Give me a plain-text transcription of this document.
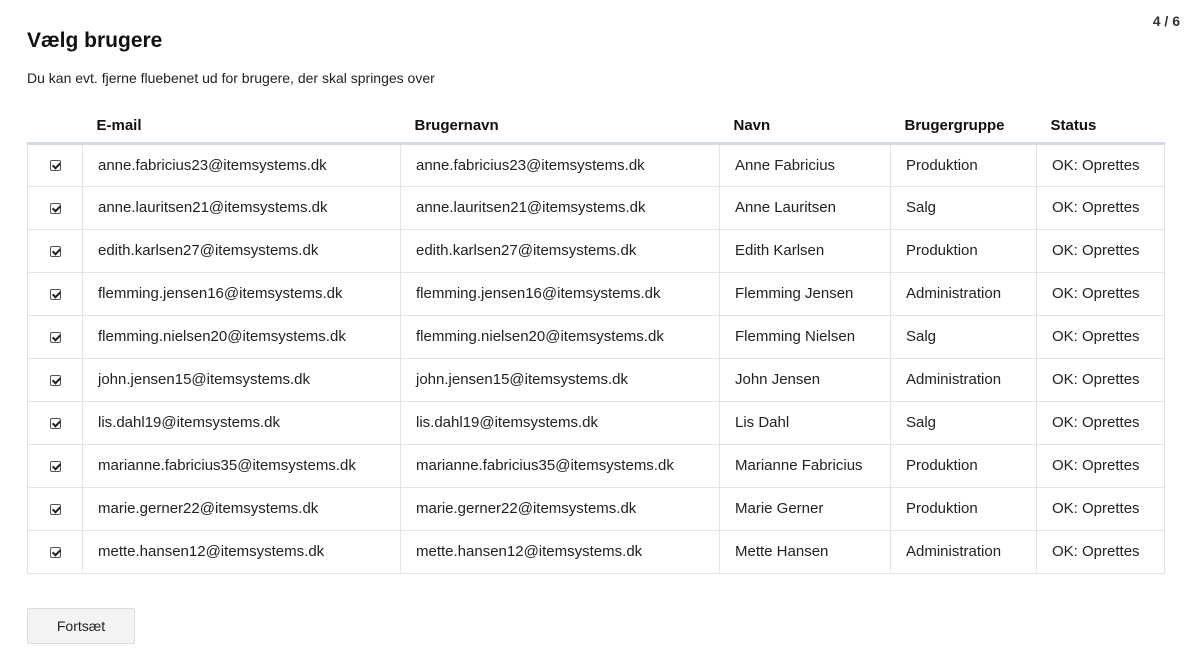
4 / 6
Vælg brugere

Du kan evt. fjerne fluebenet ud for brugere, der skal springes over

	E-mail	Brugernavn	Navn	Brugergruppe	Status
	anne.fabricius23@itemsystems.dk	anne.fabricius23@itemsystems.dk	Anne Fabricius	Produktion	OK: Oprettes
	anne.lauritsen21@itemsystems.dk	anne.lauritsen21@itemsystems.dk	Anne Lauritsen	Salg	OK: Oprettes
	edith.karlsen27@itemsystems.dk	edith.karlsen27@itemsystems.dk	Edith Karlsen	Produktion	OK: Oprettes
	flemming.jensen16@itemsystems.dk	flemming.jensen16@itemsystems.dk	Flemming Jensen	Administration	OK: Oprettes
	flemming.nielsen20@itemsystems.dk	flemming.nielsen20@itemsystems.dk	Flemming Nielsen	Salg	OK: Oprettes
	john.jensen15@itemsystems.dk	john.jensen15@itemsystems.dk	John Jensen	Administration	OK: Oprettes
	lis.dahl19@itemsystems.dk	lis.dahl19@itemsystems.dk	Lis Dahl	Salg	OK: Oprettes
	marianne.fabricius35@itemsystems.dk	marianne.fabricius35@itemsystems.dk	Marianne Fabricius	Produktion	OK: Oprettes
	marie.gerner22@itemsystems.dk	marie.gerner22@itemsystems.dk	Marie Gerner	Produktion	OK: Oprettes
	mette.hansen12@itemsystems.dk	mette.hansen12@itemsystems.dk	Mette Hansen	Administration	OK: Oprettes
Fortsæt
